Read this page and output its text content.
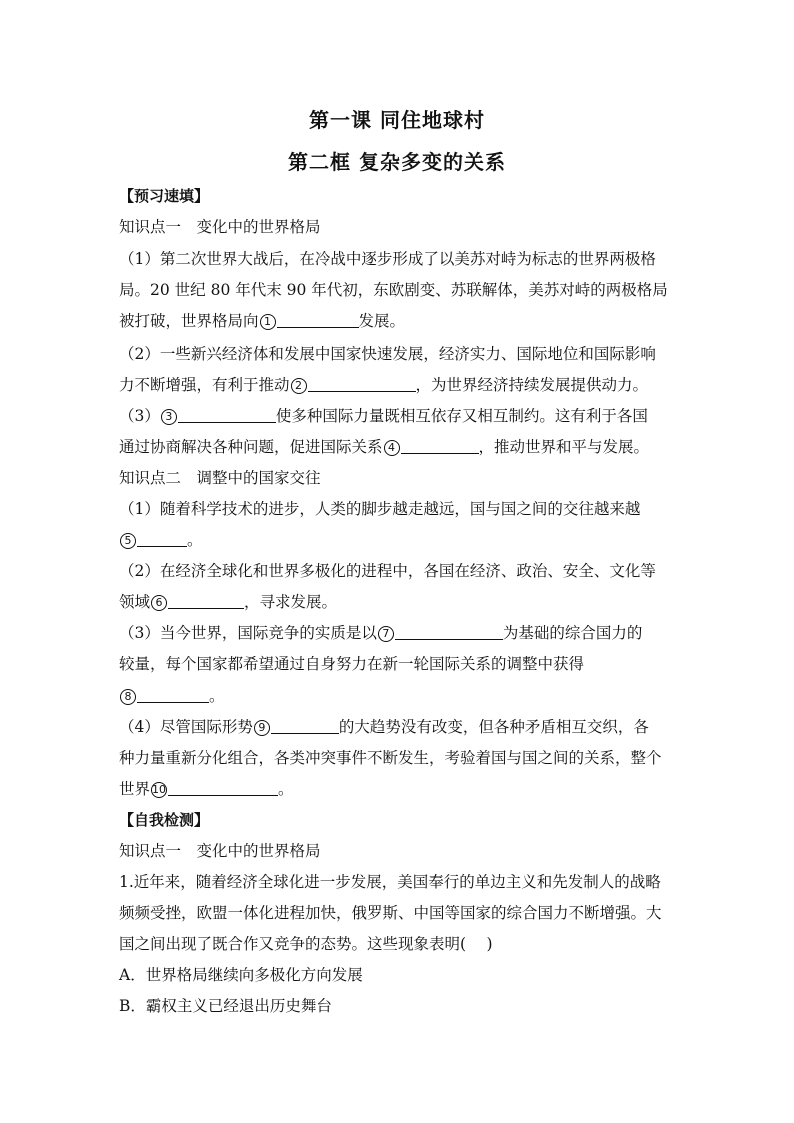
第一课 同住地球村
第二框 复杂多变的关系
【预习速填】
知识点一　变化中的世界格局
（1）第二次世界大战后，在冷战中逐步形成了以美苏对峙为标志的世界两极格
局。20 世纪 80 年代末 90 年代初，东欧剧变、苏联解体，美苏对峙的两极格局
被打破，世界格局向 1	发展。
（2）一些新兴经济体和发展中国家快速发展，经济实力、国际地位和国际影响
力不断增强，有利于推动 2	，为世界经济持续发展提供动力。
（3） 3	使多种国际力量既相互依存又相互制约。这有利于各国
通过协商解决各种问题，促进国际关系 4	，推动世界和平与发展。
知识点二　调整中的国家交往
（1）随着科学技术的进步，人类的脚步越走越远，国与国之间的交往越来越
5	。
（2）在经济全球化和世界多极化的进程中，各国在经济、政治、安全、文化等
领域 6	，寻求发展。
（3）当今世界，国际竞争的实质是以 7	为基础的综合国力的
较量，每个国家都希望通过自身努力在新一轮国际关系的调整中获得
8	。
（4）尽管国际形势 9	的大趋势没有改变，但各种矛盾相互交织，各
种力量重新分化组合，各类冲突事件不断发生，考验着国与国之间的关系，整个
世界 10	。
【自我检测】
知识点一　变化中的世界格局
1.近年来，随着经济全球化进一步发展，美国奉行的单边主义和先发制人的战略
频频受挫，欧盟一体化进程加快，俄罗斯、中国等国家的综合国力不断增强。大
国之间出现了既合作又竞争的态势。这些现象表明(　 )
A．世界格局继续向多极化方向发展
B．霸权主义已经退出历史舞台
